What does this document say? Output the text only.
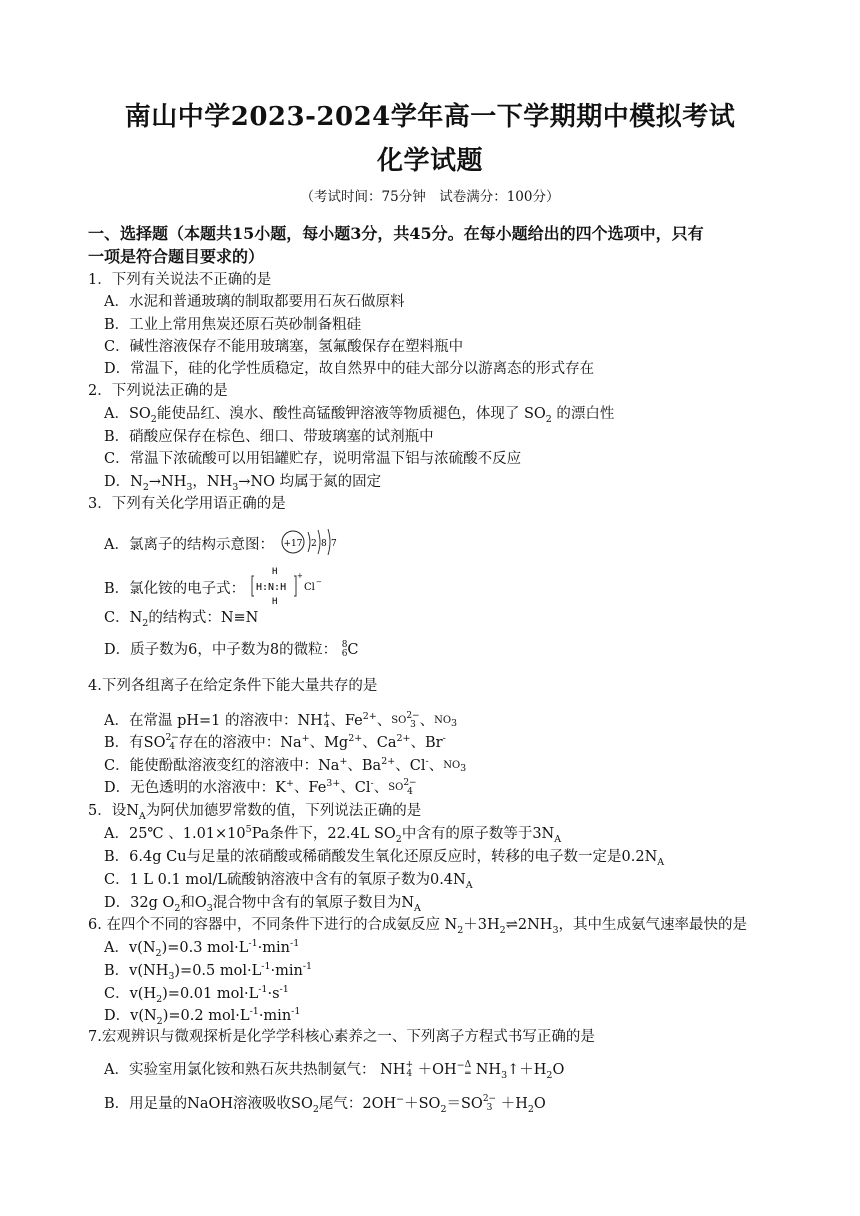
南山中学2023-2024学年高一下学期期中模拟考试
化学试题
（考试时间：75分钟　试卷满分：100分）
一、选择题（本题共15小题，每小题3分，共45分。在每小题给出的四个选项中，只有
一项是符合题目要求的）
1．下列有关说法不正确的是
A．水泥和普通玻璃的制取都要用石灰石做原料
B．工业上常用焦炭还原石英砂制备粗硅
C．碱性溶液保存不能用玻璃塞，氢氟酸保存在塑料瓶中
D．常温下，硅的化学性质稳定，故自然界中的硅大部分以游离态的形式存在
2．下列说法正确的是
A．$SO_2$能使品红、溴水、酸性高锰酸钾溶液等物质褪色，体现了 $SO_2$ 的漂白性
B．硝酸应保存在棕色、细口、带玻璃塞的试剂瓶中
C．常温下浓硫酸可以用铝罐贮存，说明常温下铝与浓硫酸不反应
D．$N_2\to NH_3$，$NH_3\to NO$ 均属于氮的固定
3．下列有关化学用语正确的是
A．氯离子的结构示意图： +17 2 8 7
B．氯化铵的电子式： H:N:H
H
H
+
Cl −
C．$N_2$的结构式：N≡N
D．质子数为6，中子数为8的微粒： 8
6C
4.下列各组离子在给定条件下能大量共存的是
A．在常温 pH=1 的溶液中：NH+
4、$Fe^{2+}$、SO2−
3 、$NO_3$
B．有SO2−
4 存在的溶液中：Na+、$Mg^{2+}$、$Ca^{2+}$、Br-
C．能使酚酞溶液变红的溶液中：Na+、$Ba^{2+}$、Cl-、$NO_3$
D．无色透明的水溶液中：K+、$Fe^{3+}$、Cl-、SO2−
4
5．设$N_A$为阿伏加德罗常数的值，下列说法正确的是
A．25℃ 、$1.01\times 10^5Pa$条件下，22.4L $SO_2$中含有的原子数等于$3N_A$
B．6.4g Cu与足量的浓硝酸或稀硝酸发生氧化还原反应时，转移的电子数一定是$0.2N_A$
C．1 L 0.1 mol/L硫酸钠溶液中含有的氧原子数为$0.4N_A$
D．32g $O_2$和$O_3$混合物中含有的氧原子数目为$N_A$
6. 在四个不同的容器中，不同条件下进行的合成氨反应 $N_2+3H_2\rightleftharpoons 2NH_3$，其中生成氨气速率最快的是
A．$v(N_2)=0.3$ $mol\cdot L^{-1}\cdot\min^{-1}$
B．$v(NH_3)=0.5$ $mol\cdot L^{-1}\cdot\min^{-1}$
C．$v(H_2)=0.01$ $mol\cdot L^{-1}\cdot s^{-1}$
D．$v(N_2)=0.2$ $mol\cdot L^{-1}\cdot\min^{-1}$
7.宏观辨识与微观探析是化学学科核心素养之一、下列离子方程式书写正确的是
A．实验室用氯化铵和熟石灰共热制氨气： NH+
4 ＋OH−Δ
═ $NH_3↑+H_2O$
B．用足量的NaOH溶液吸收$SO_2$尾气：$2OH^-+SO_2=SO2-$
$3 +H_2O$
